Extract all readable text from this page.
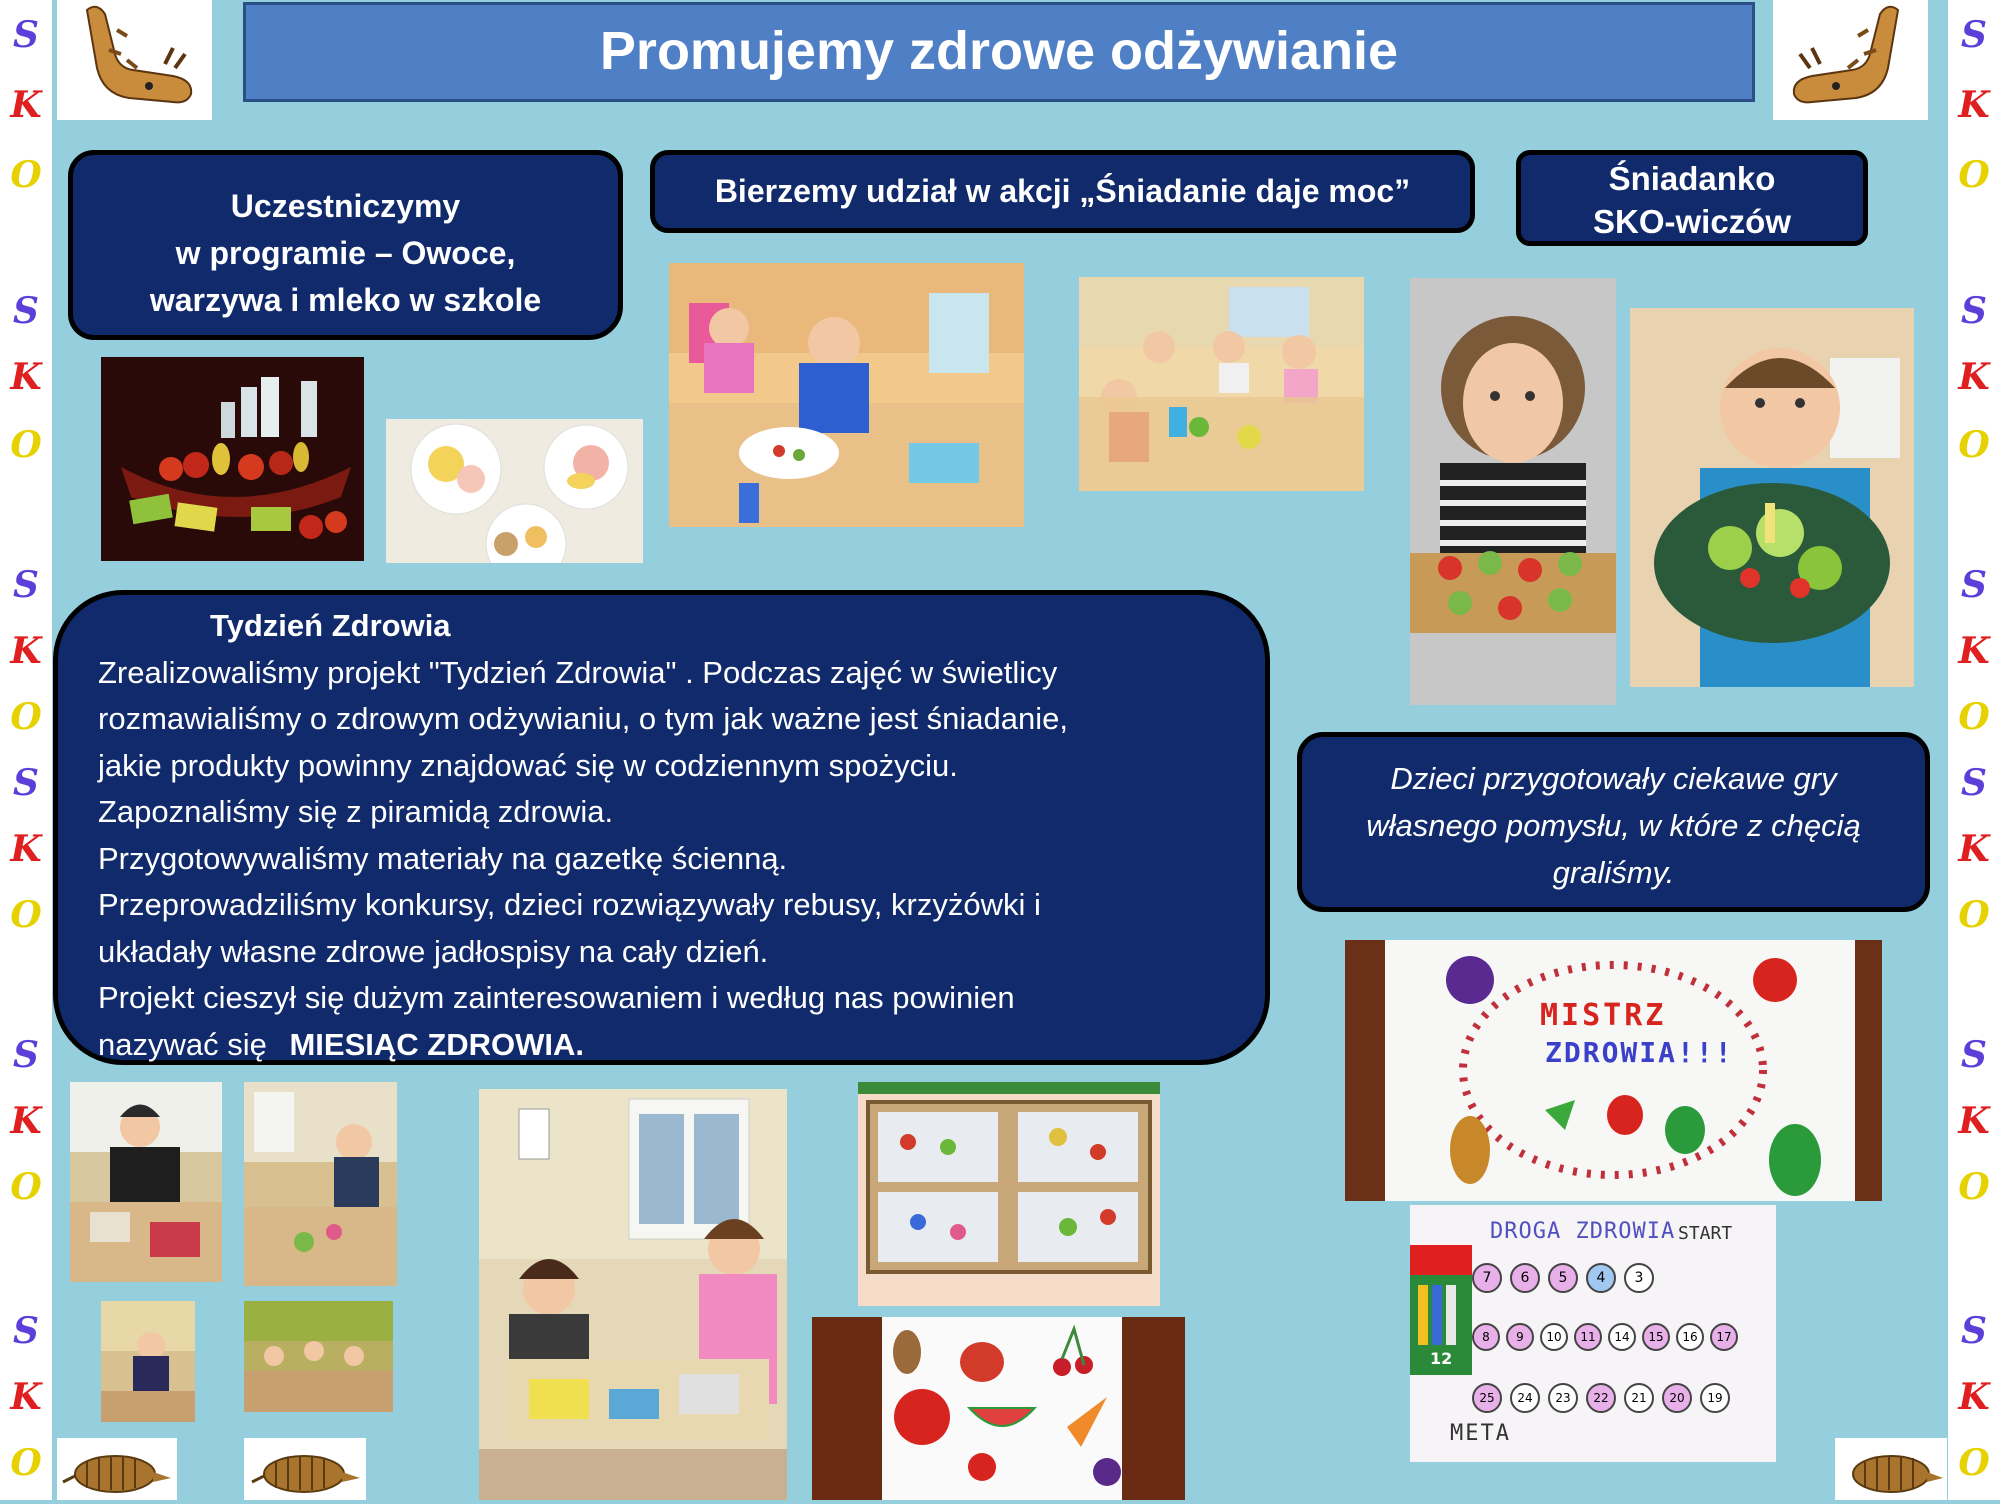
S
K
O
S
K
O
S
K
O
S
K
O
S
K
O
S
K
O
S
K
O
S
K
O
S
K
O
S
K
O
S
K
O
S
K
O
Promujemy zdrowe odżywianie
Uczestniczymy
w programie – Owoce,
warzywa i mleko w szkole
Bierzemy udział w akcji „Śniadanie daje moc”	Śniadanko
SKO-wiczów
Tydzień Zdrowia
Zrealizowaliśmy projekt "Tydzień Zdrowia" . Podczas zajęć w świetlicy
rozmawialiśmy o zdrowym odżywianiu, o tym jak ważne jest śniadanie,
jakie produkty powinny znajdować się w codziennym spożyciu.
Zapoznaliśmy się z piramidą zdrowia.
Przygotowywaliśmy materiały na gazetkę ścienną.
Przeprowadziliśmy konkursy, dzieci rozwiązywały rebusy, krzyżówki i
układały własne zdrowe jadłospisy na cały dzień.
Projekt cieszył się dużym zainteresowaniem i według nas powinien
nazywać się MIESIĄC ZDROWIA.
Dzieci przygotowały ciekawe gry
własnego pomysłu, w które z chęcią
graliśmy.
MISTRZ
ZDROWIA!!!
DROGA ZDROWIA START
META
12
7	6	5	4	3
8	9	10	11	14	15	16	17
25	24	23	22	21	20	19
